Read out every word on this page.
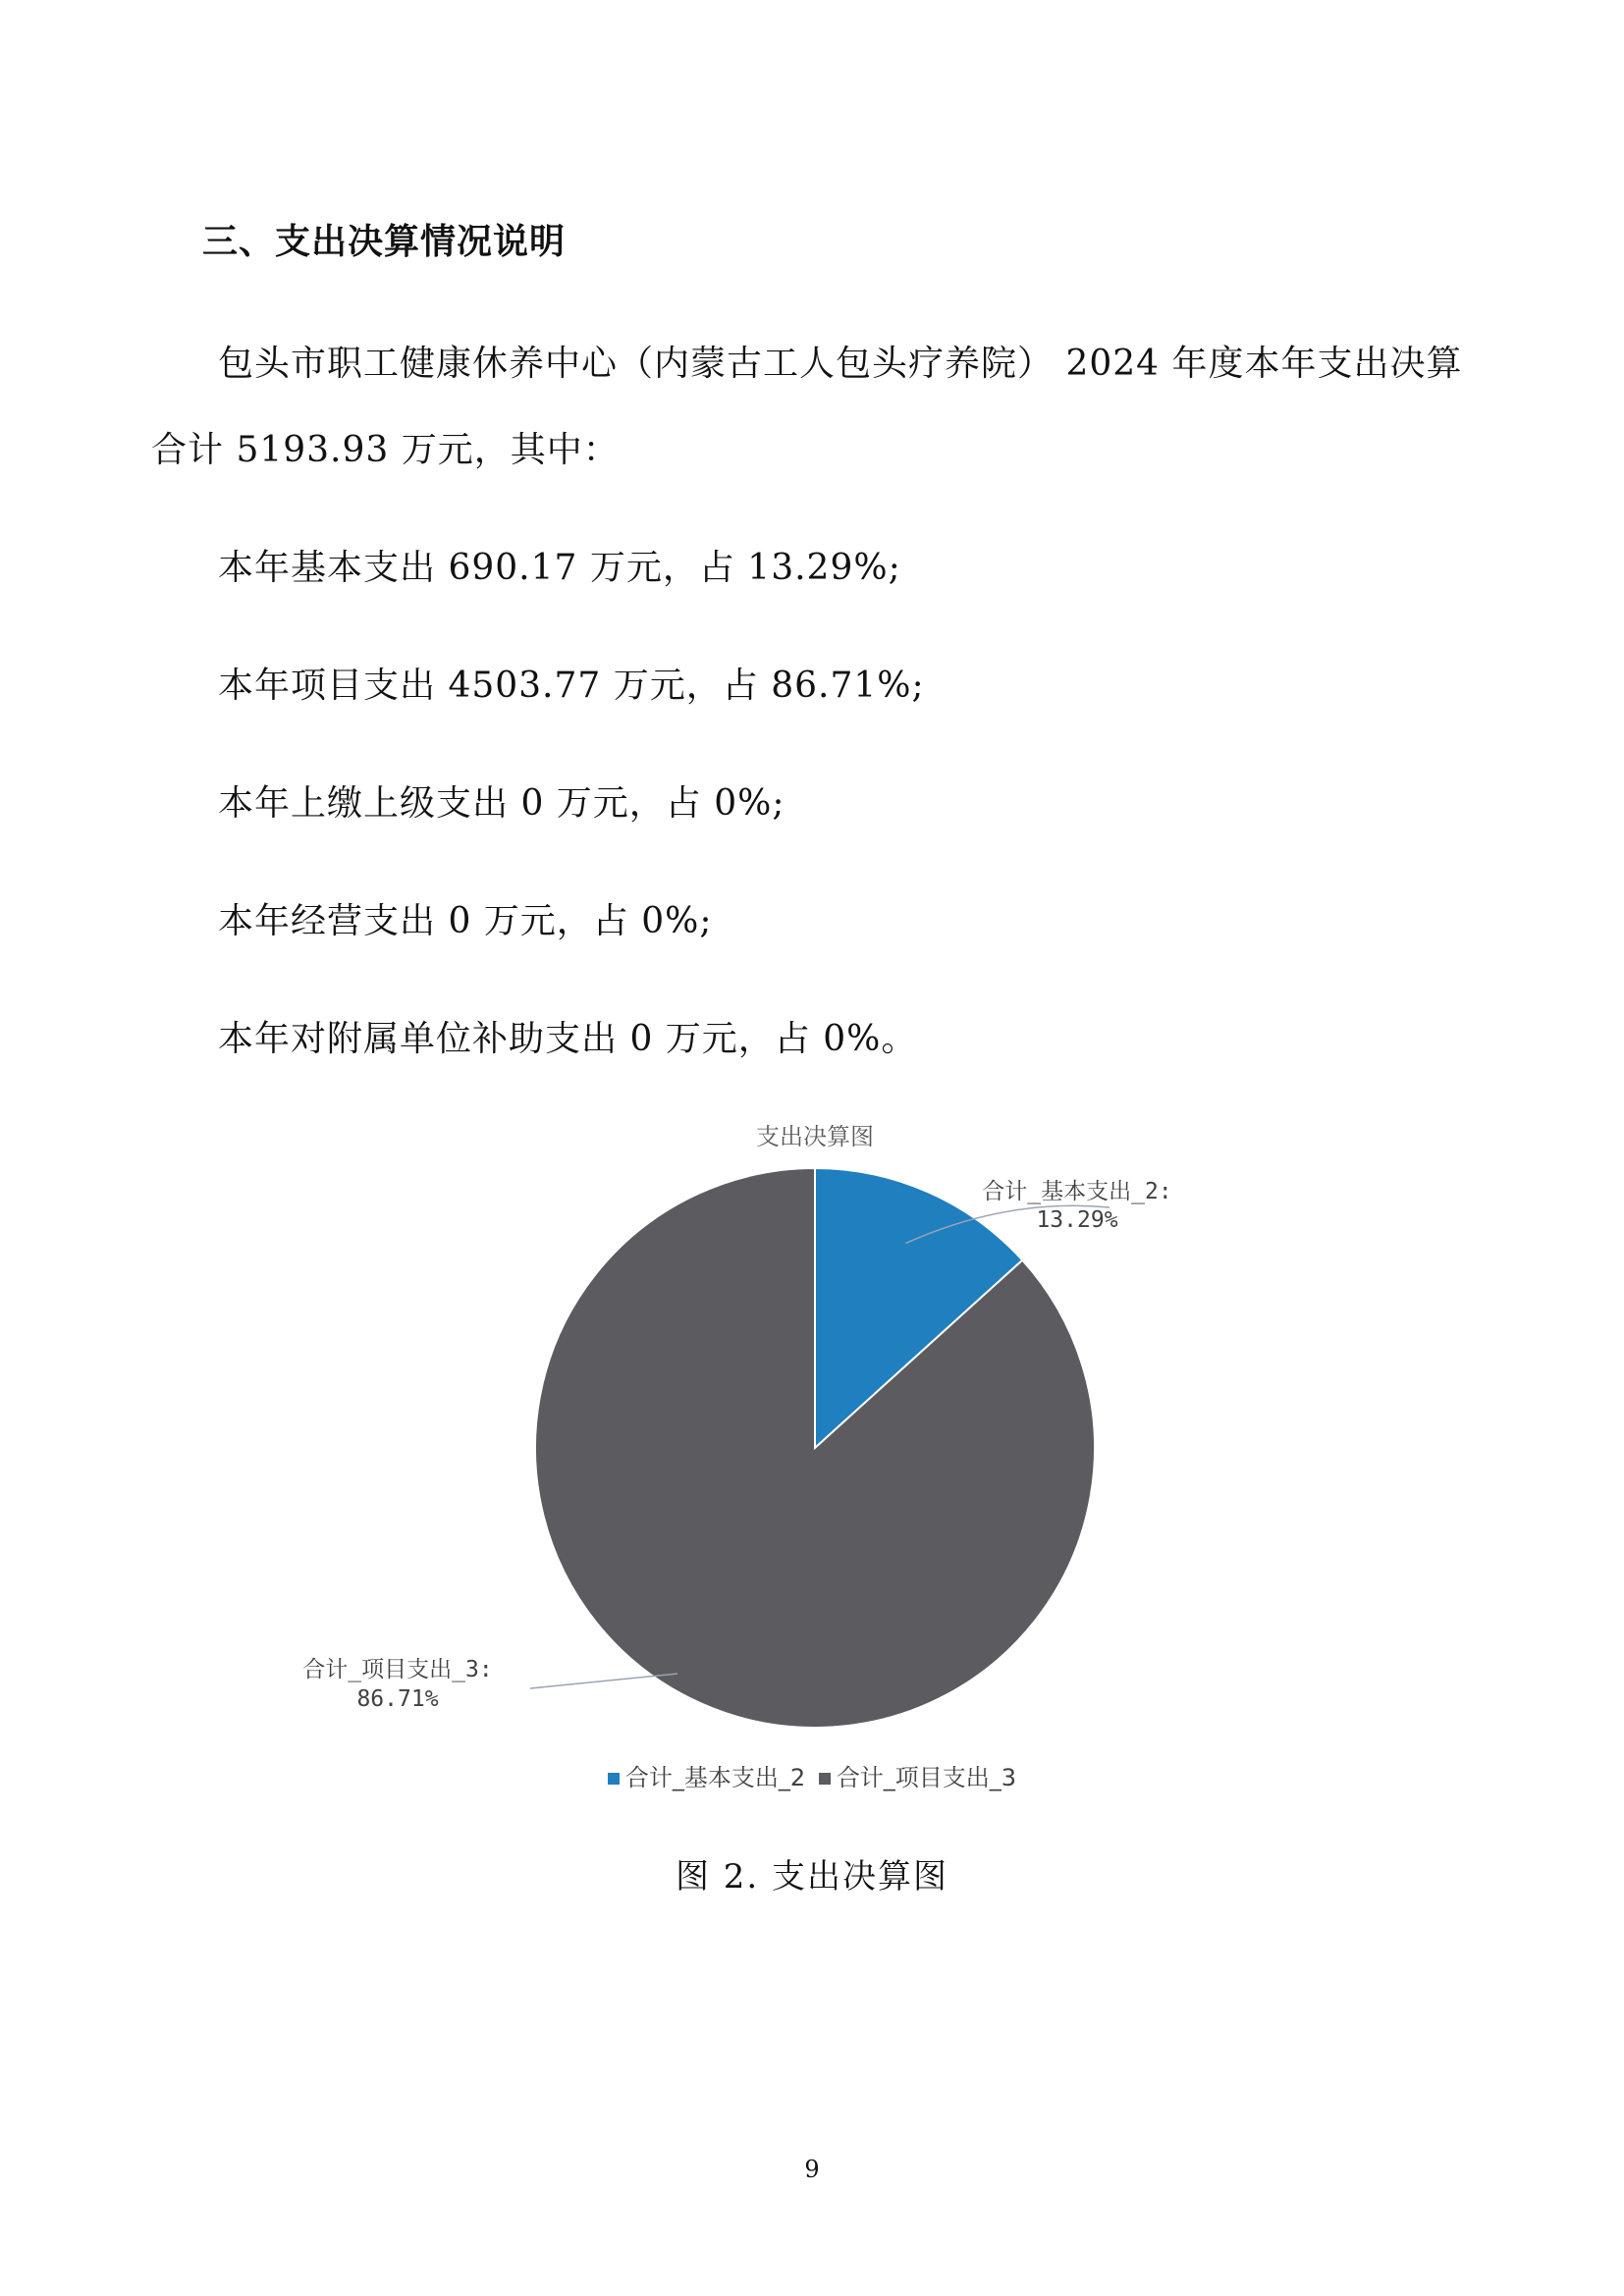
三、支出决算情况说明
包头市职工健康休养中心（内蒙古工人包头疗养院） 2024 年度本年支出决算
合计 5193.93 万元，其中：
本年基本支出 690.17 万元，占 13.29%;
本年项目支出 4503.77 万元，占 86.71%;
本年上缴上级支出 0 万元，占 0%;
本年经营支出 0 万元，占 0%;
本年对附属单位补助支出 0 万元，占 0%。
支出决算图
合计_基本支出_2:
13.29%
图 2. 支出决算图
9
合计_项目支出_3:
86.71%
合计_基本支出_2 合计_项目支出_3
